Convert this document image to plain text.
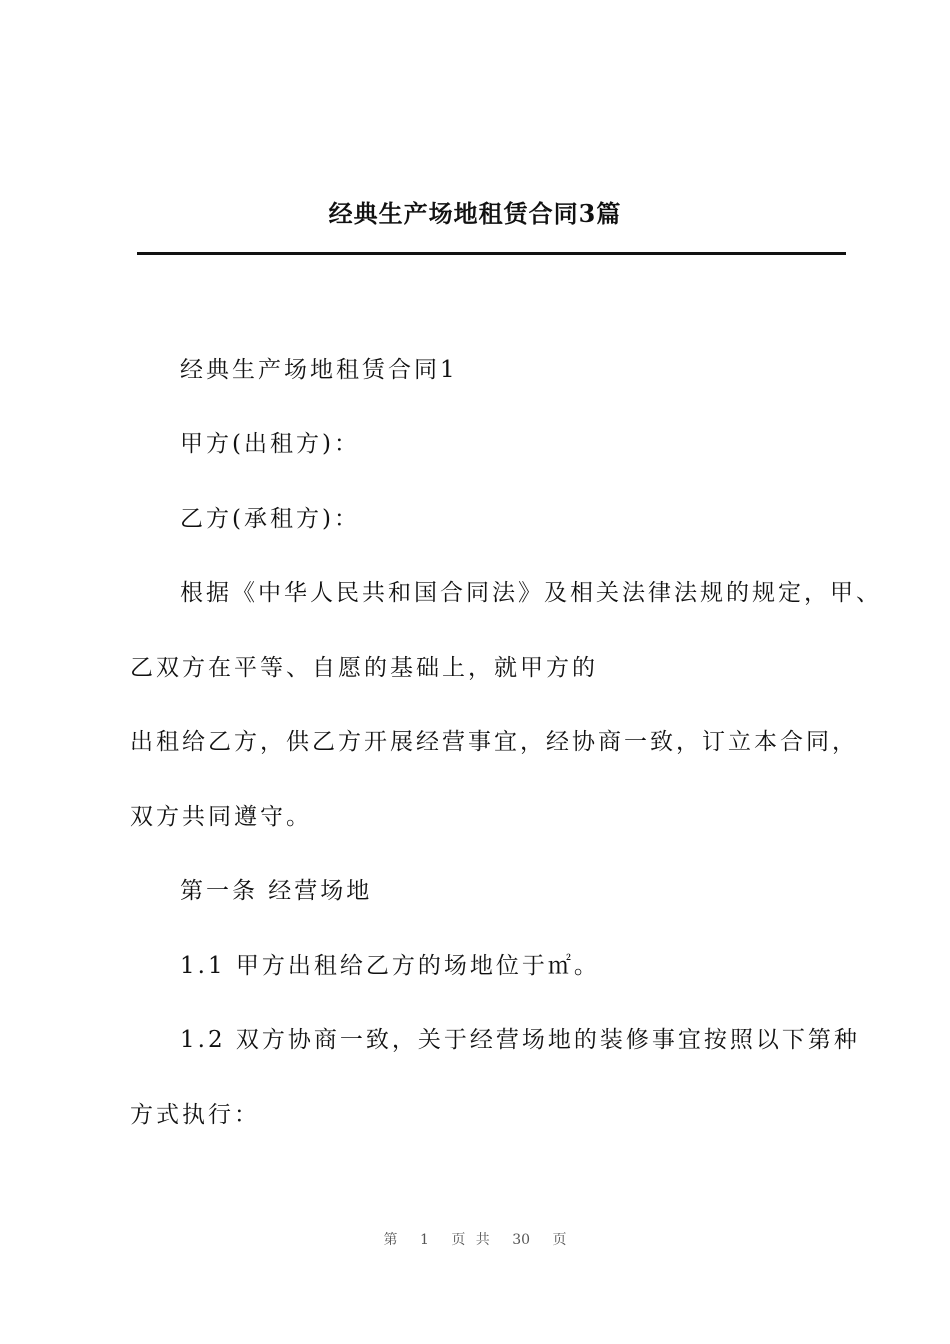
经典生产场地租赁合同3篇
经典生产场地租赁合同1
甲方(出租方)：
乙方(承租方)：
根据《中华人民共和国合同法》及相关法律法规的规定，甲、
乙双方在平等、自愿的基础上，就甲方的
出租给乙方，供乙方开展经营事宜，经协商一致，订立本合同，
双方共同遵守。
第一条 经营场地
1.1 甲方出租给乙方的场地位于㎡。
1.2 双方协商一致，关于经营场地的装修事宜按照以下第种
方式执行：
第 1 页 共 30 页
